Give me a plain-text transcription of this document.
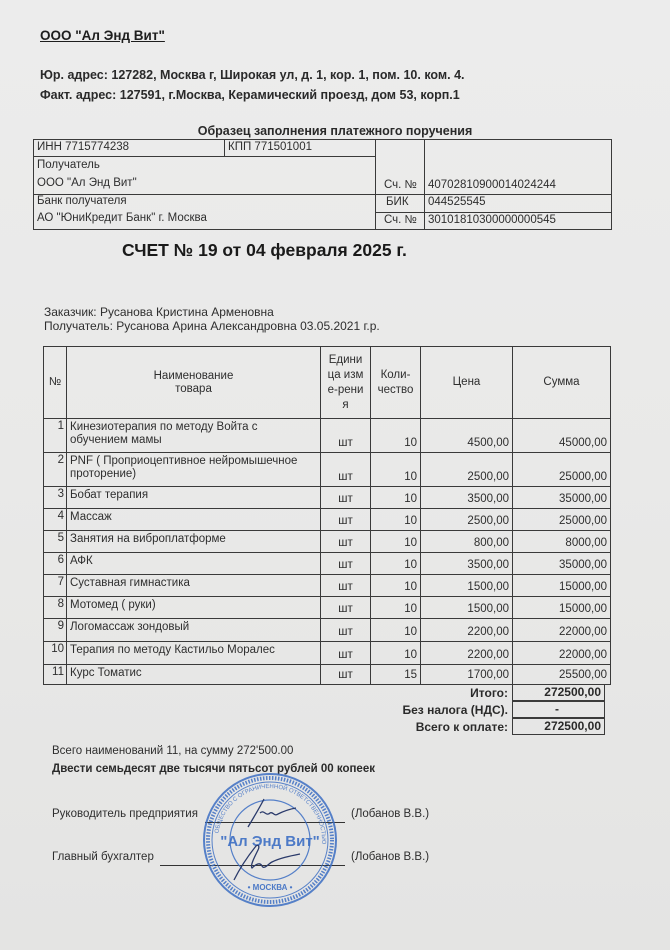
ООО "Ал Энд Вит"
Юр. адрес: 127282, Москва г, Широкая ул, д. 1, кор. 1, пом. 10. ком. 4.
Факт. адрес: 127591, г.Москва, Керамический проезд, дом 53, корп.1
Образец заполнения платежного поручения
ИНН 7715774238	КПП 771501001
Получатель
ООО "Ал Энд Вит"	Сч. № 40702810900014024244
Банк получателя
АО "ЮниКредит Банк" г. Москва
БИК 044525545
Сч. № 30101810300000000545
СЧЕТ № 19 от 04 февраля 2025 г.
Заказчик: Русанова Кристина Арменовна
Получатель: Русанова Арина Александровна 03.05.2021 г.р.
№	Наименование товара	Единица изме-рения	Коли-чество	Цена	Сумма
1	Кинезиотерапия по методу Войта с обучением мамы	шт	10	4500,00	45000,00
2	PNF ( Проприоцептивное нейромышечное проторение)	шт	10	2500,00	25000,00
3	Бобат терапия	шт	10	3500,00	35000,00
4	Массаж	шт	10	2500,00	25000,00
5	Занятия на виброплатформе	шт	10	800,00	8000,00
6	АФК	шт	10	3500,00	35000,00
7	Суставная гимнастика	шт	10	1500,00	15000,00
8	Мотомед ( руки)	шт	10	1500,00	15000,00
9	Логомассаж зондовый	шт	10	2200,00	22000,00
10	Терапия по методу Кастильо Моралес	шт	10	2200,00	22000,00
11	Курс Томатис	шт	15	1700,00	25500,00
Итого:	272500,00
Без налога (НДС).	-
Всего к оплате:	272500,00
Всего наименований 11, на сумму 272'500.00
Двести семьдесят две тысячи пятьсот рублей 00 копеек
Руководитель предприятия	(Лобанов В.В.)
Главный бухгалтер	(Лобанов В.В.)
ОБЩЕСТВО С ОГРАНИЧЕННОЙ ОТВЕТСТВЕННОСТЬЮ
"Ал Энд Вит"
• МОСКВА •
